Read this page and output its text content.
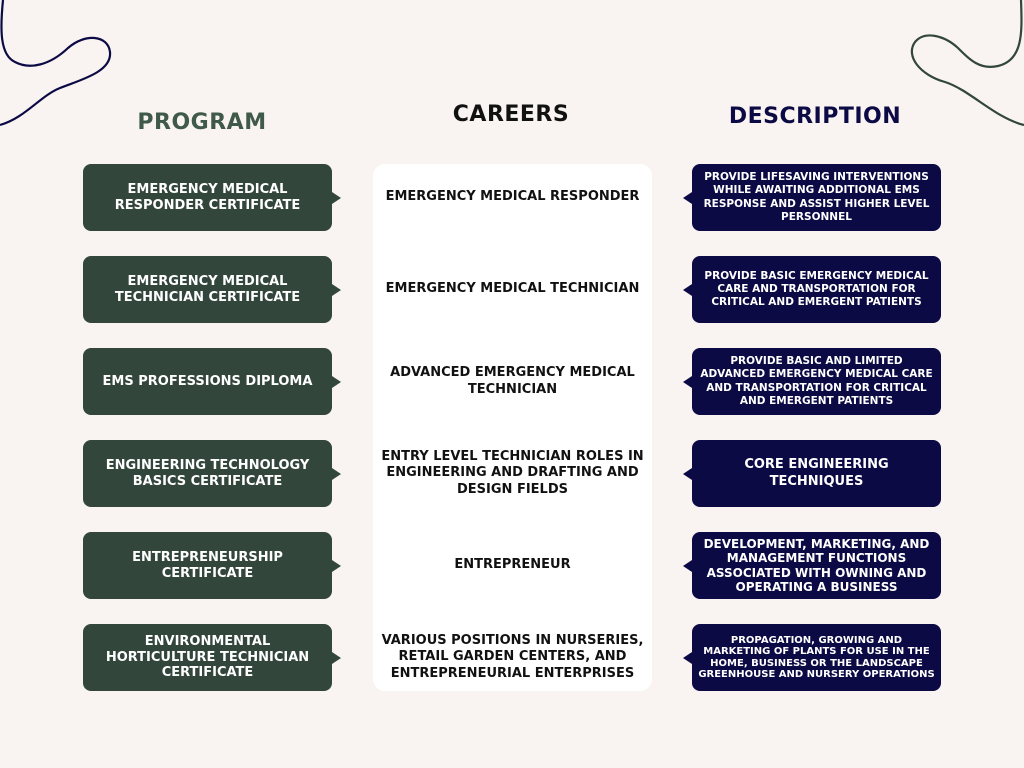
PROGRAM	CAREERS	DESCRIPTION
EMERGENCY MEDICAL RESPONDER CERTIFICATE
EMERGENCY MEDICAL RESPONDER
PROVIDE LIFESAVING INTERVENTIONS WHILE AWAITING ADDITIONAL EMS RESPONSE AND ASSIST HIGHER LEVEL PERSONNEL
EMERGENCY MEDICAL TECHNICIAN CERTIFICATE
EMERGENCY MEDICAL TECHNICIAN
PROVIDE BASIC EMERGENCY MEDICAL CARE AND TRANSPORTATION FOR CRITICAL AND EMERGENT PATIENTS
EMS PROFESSIONS DIPLOMA
ADVANCED EMERGENCY MEDICAL TECHNICIAN
PROVIDE BASIC AND LIMITED ADVANCED EMERGENCY MEDICAL CARE AND TRANSPORTATION FOR CRITICAL AND EMERGENT PATIENTS
ENGINEERING TECHNOLOGY BASICS CERTIFICATE
ENTRY LEVEL TECHNICIAN ROLES IN ENGINEERING AND DRAFTING AND DESIGN FIELDS
CORE ENGINEERING TECHNIQUES
ENTREPRENEURSHIP CERTIFICATE
ENTREPRENEUR
DEVELOPMENT, MARKETING, AND MANAGEMENT FUNCTIONS ASSOCIATED WITH OWNING AND OPERATING A BUSINESS
ENVIRONMENTAL HORTICULTURE TECHNICIAN CERTIFICATE
VARIOUS POSITIONS IN NURSERIES, RETAIL GARDEN CENTERS, AND ENTREPRENEURIAL ENTERPRISES
PROPAGATION, GROWING AND MARKETING OF PLANTS FOR USE IN THE HOME, BUSINESS OR THE LANDSCAPE GREENHOUSE AND NURSERY OPERATIONS
